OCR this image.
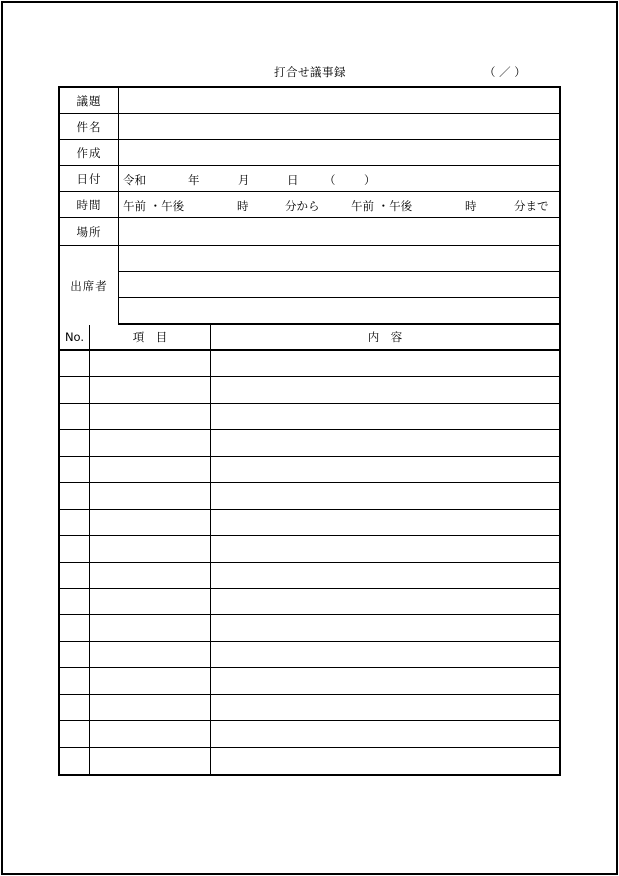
打合せ議事録	（ ／ ）
議題
件名
作成
日付	令和	年	月	日 （ ）
時間	午前 ・午後	時	分から	午前 ・午後	時	分まで
場所
出席者
No.	項　目	内　容
